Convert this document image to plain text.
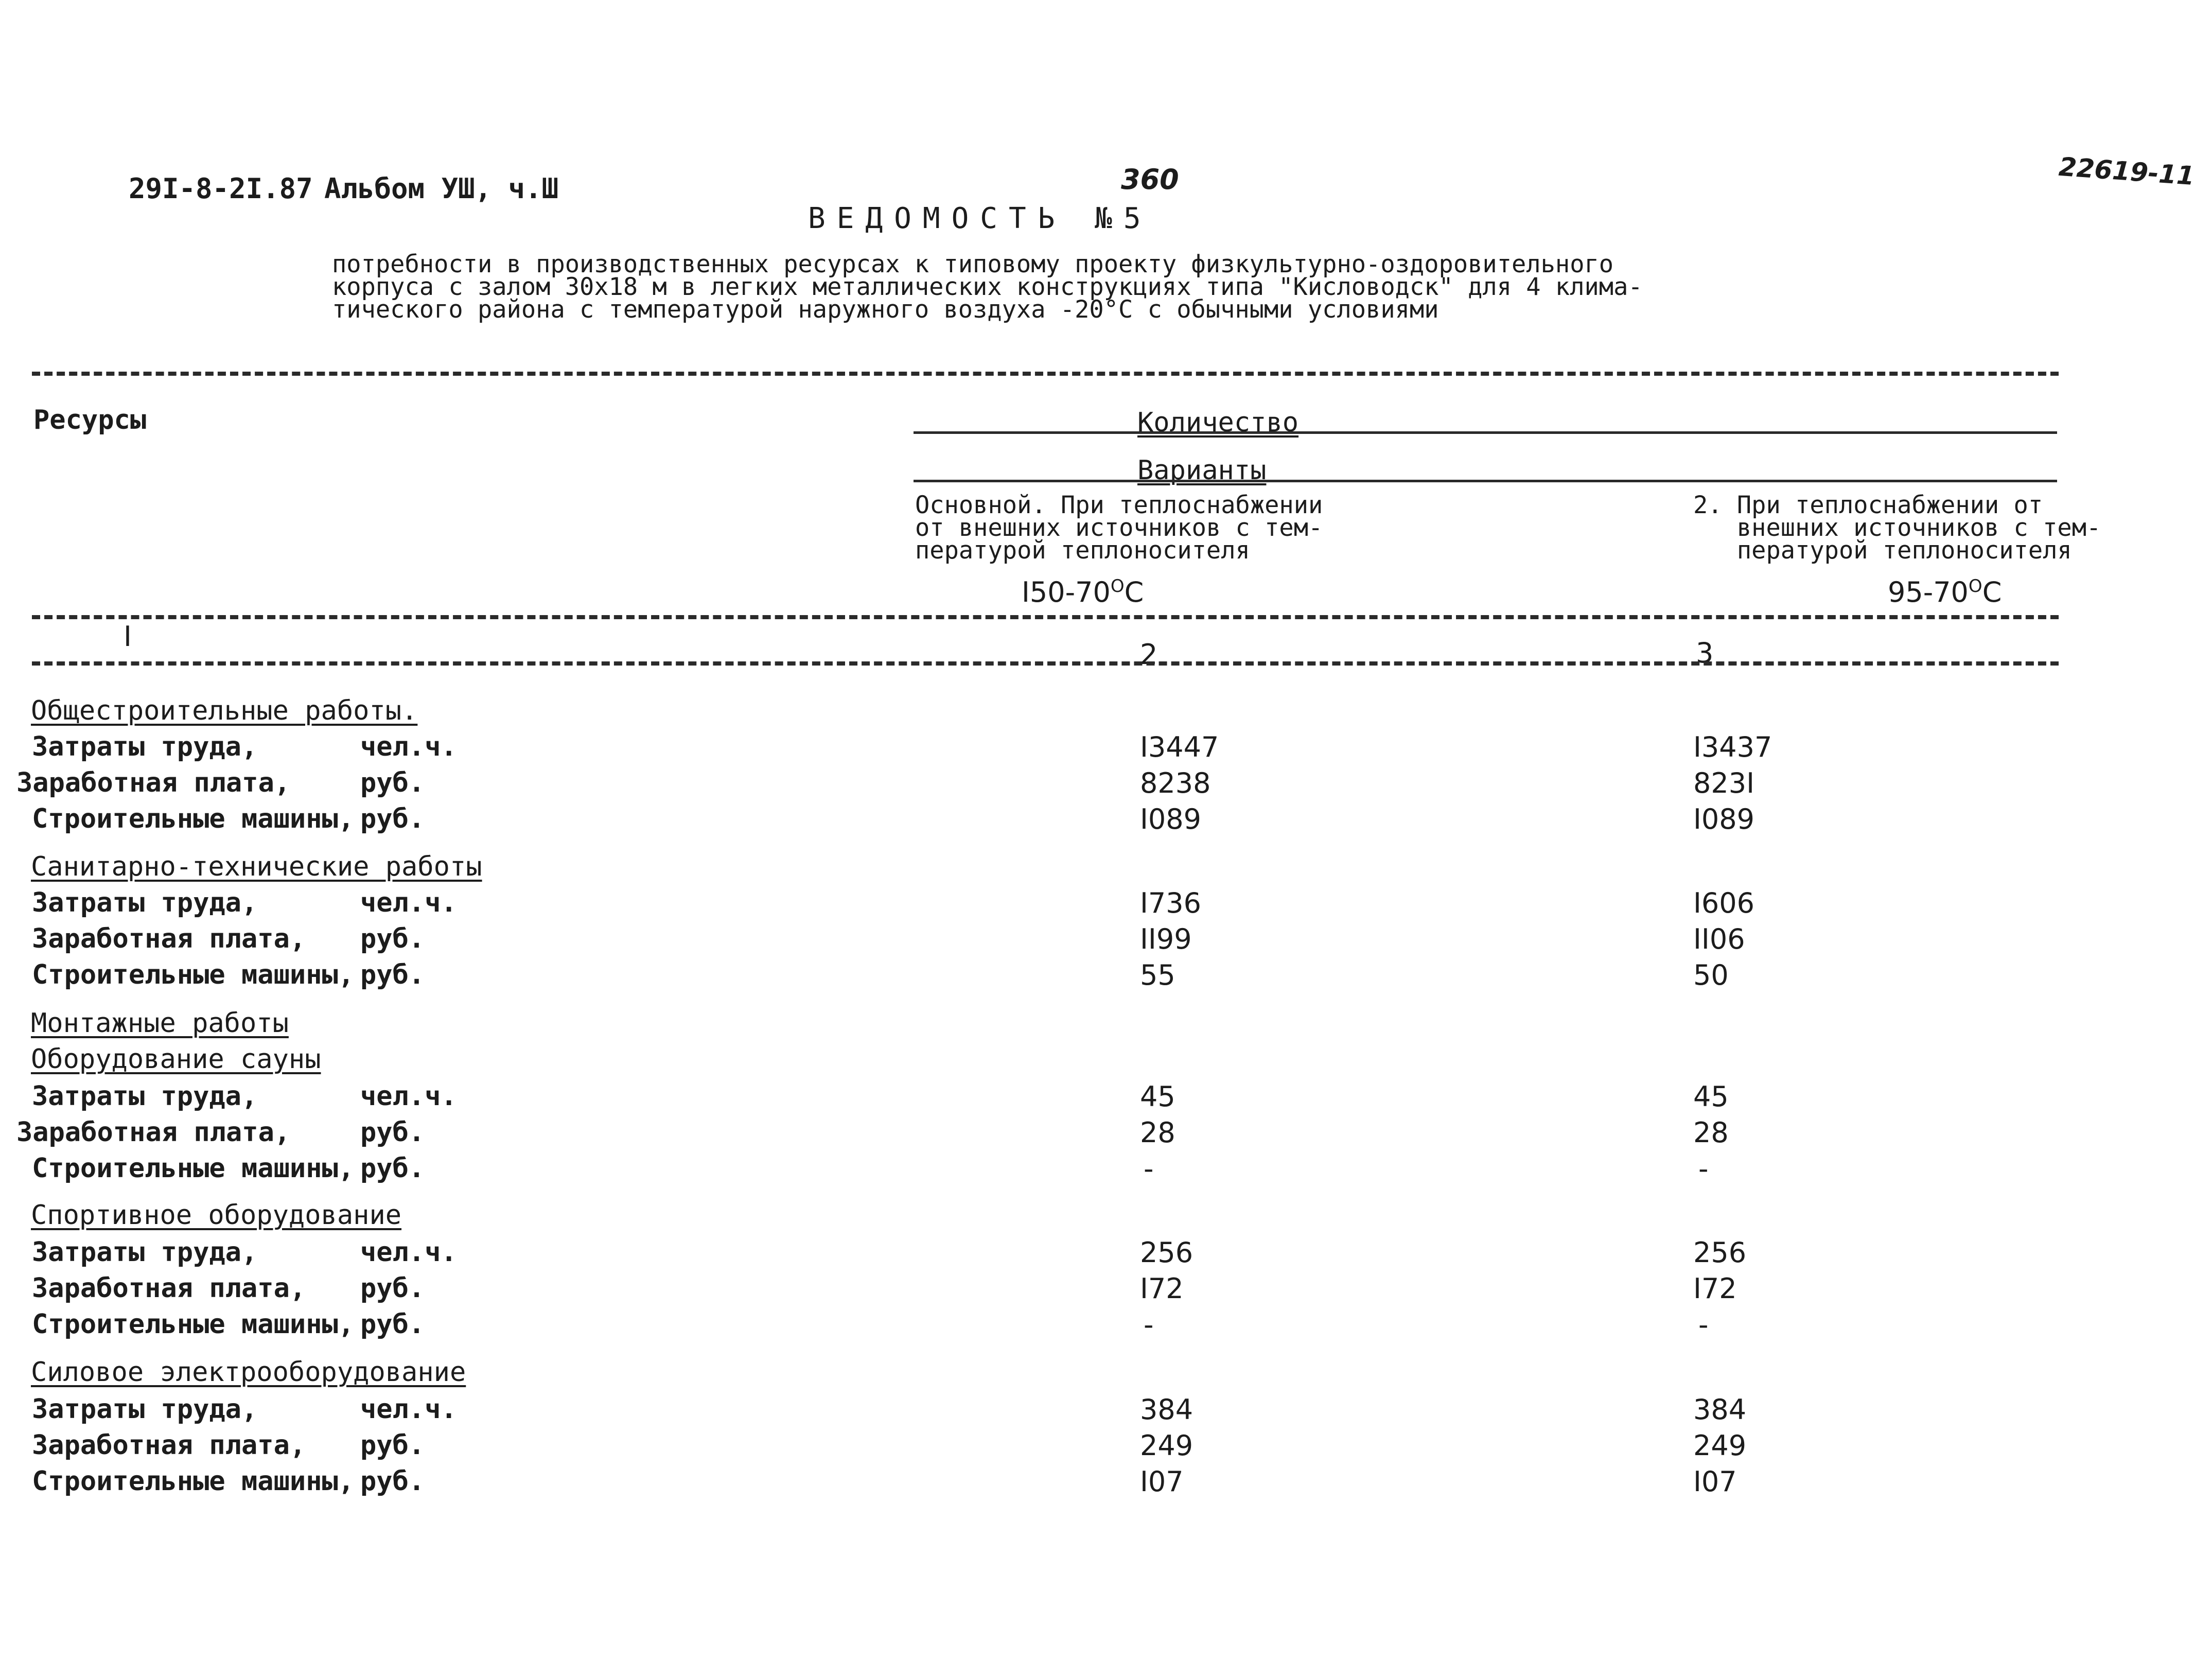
29I-8-2I.87 Альбом УШ, ч.Ш	360	22619-11
ВЕДОМОСТЬ №5
потребности в производственных ресурсах к типовому проекту физкультурно-оздоровительного
корпуса с залом 30х18 м в легких металлических конструкциях типа "Кисловодск" для 4 клима-
тического района с температурой наружного воздуха -20°С с обычными условиями
Ресурсы	Количество
Варианты
Основной. При теплоснабжении
от внешних источников с тем-
пературой теплоносителя
$I50-70^OC$
2. При теплоснабжении от
внешних источников с тем-
пературой теплоносителя
$95-70^OC$
I
2	3
Общестроительные работы.
Затраты труда,	чел.ч.	I3447	I3437
Заработная плата,	руб.	8238	823I
Строительные машины, руб.	I089	I089
Санитарно-технические работы
Затраты труда,	чел.ч.	I736	I606
Заработная плата, руб.	II99	II06
Строительные машины, руб.	55	50
Монтажные работы
Оборудование сауны
Затраты труда,	чел.ч.	45	45
Заработная плата,	руб.	28	28
Строительные машины, руб.	-	-
Спортивное оборудование
Затраты труда,	чел.ч.	256	256
Заработная плата, руб.	I72	I72
Строительные машины, руб.	-	-
Силовое электрооборудование
Затраты труда,	чел.ч.	384	384
Заработная плата, руб.	249	249
Строительные машины, руб.	I07	I07
